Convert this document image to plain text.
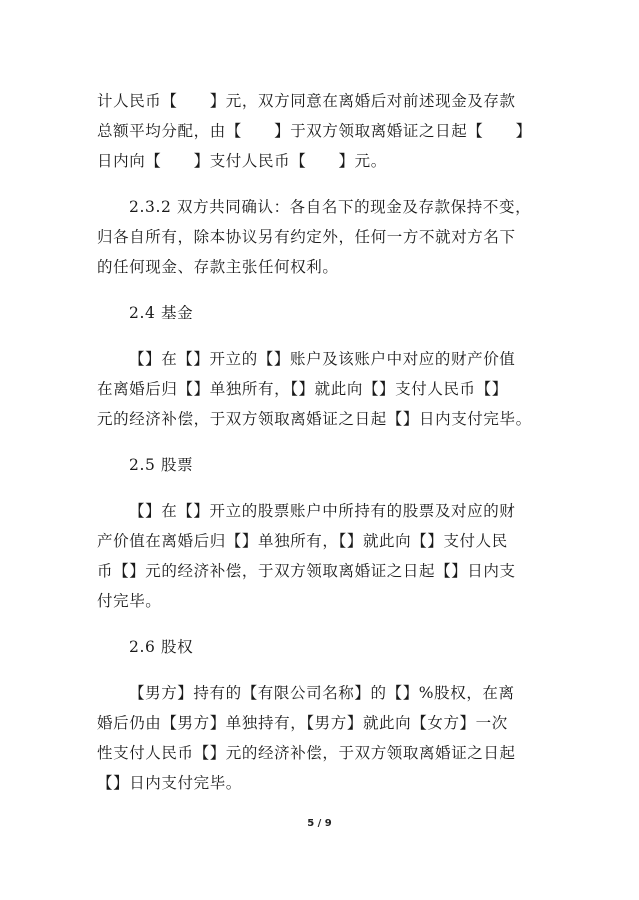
计人民币【　　】元，双方同意在离婚后对前述现金及存款
总额平均分配，由【　　】于双方领取离婚证之日起【　　】
日内向【　　】支付人民币【　　】元。

2.3.2 双方共同确认：各自名下的现金及存款保持不变，
归各自所有，除本协议另有约定外，任何一方不就对方名下
的任何现金、存款主张任何权利。

2.4 基金

【】在【】开立的【】账户及该账户中对应的财产价值
在离婚后归【】单独所有，【】就此向【】支付人民币【】
元的经济补偿，于双方领取离婚证之日起【】日内支付完毕。

2.5 股票

【】在【】开立的股票账户中所持有的股票及对应的财
产价值在离婚后归【】单独所有，【】就此向【】支付人民
币【】元的经济补偿，于双方领取离婚证之日起【】日内支
付完毕。

2.6 股权

【男方】持有的【有限公司名称】的【】%股权，在离
婚后仍由【男方】单独持有，【男方】就此向【女方】一次
性支付人民币【】元的经济补偿，于双方领取离婚证之日起
【】日内支付完毕。

5 / 9
